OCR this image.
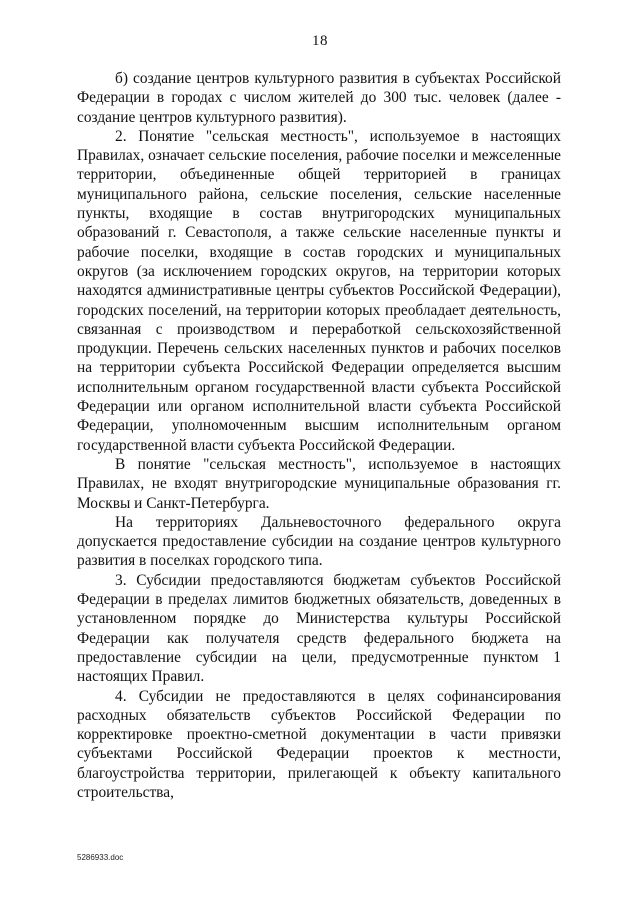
18

б) создание центров культурного развития в субъектах Российской Федерации в городах с числом жителей до 300 тыс. человек (далее - создание центров культурного развития).

2. Понятие "сельская местность", используемое в настоящих Правилах, означает сельские поселения, рабочие поселки и межселенные территории, объединенные общей территорией в границах муниципального района, сельские поселения, сельские населенные пункты, входящие в состав внутригородских муниципальных образований г. Севастополя, а также сельские населенные пункты и рабочие поселки, входящие в состав городских и муниципальных округов (за исключением городских округов, на территории которых находятся административные центры субъектов Российской Федерации), городских поселений, на территории которых преобладает деятельность, связанная с производством и переработкой сельскохозяйственной продукции. Перечень сельских населенных пунктов и рабочих поселков на территории субъекта Российской Федерации определяется высшим исполнительным органом государственной власти субъекта Российской Федерации или органом исполнительной власти субъекта Российской Федерации, уполномоченным высшим исполнительным органом государственной власти субъекта Российской Федерации.

В понятие "сельская местность", используемое в настоящих Правилах, не входят внутригородские муниципальные образования гг. Москвы и Санкт-Петербурга.

На территориях Дальневосточного федерального округа допускается предоставление субсидии на создание центров культурного развития в поселках городского типа.

3. Субсидии предоставляются бюджетам субъектов Российской Федерации в пределах лимитов бюджетных обязательств, доведенных в установленном порядке до Министерства культуры Российской Федерации как получателя средств федерального бюджета на предоставление субсидии на цели, предусмотренные пунктом 1 настоящих Правил.

4. Субсидии не предоставляются в целях софинансирования расходных обязательств субъектов Российской Федерации по корректировке проектно-сметной документации в части привязки субъектами Российской Федерации проектов к местности, благоустройства территории, прилегающей к объекту капитального строительства,

5286933.doc
